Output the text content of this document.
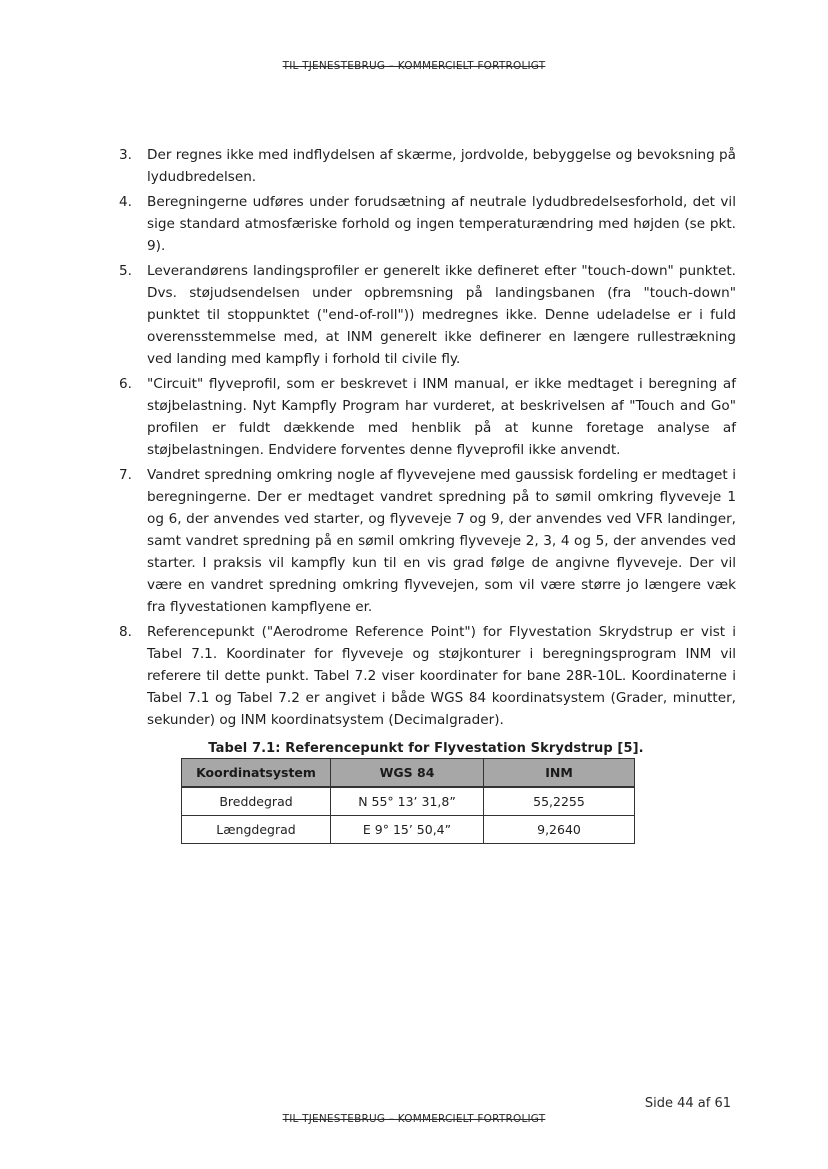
TIL TJENESTEBRUG – KOMMERCIELT FORTROLIGT
3. Der regnes ikke med indflydelsen af skærme, jordvolde, bebyggelse og bevoksning på lydudbredelsen.
4. Beregningerne udføres under forudsætning af neutrale lydudbredelsesforhold, det vil sige standard atmosfæriske forhold og ingen temperaturændring med højden (se pkt. 9).
5. Leverandørens landingsprofiler er generelt ikke defineret efter "touch-down" punktet. Dvs. støjudsendelsen under opbremsning på landingsbanen (fra "touch-down" punktet til stoppunktet ("end-of-roll")) medregnes ikke. Denne udeladelse er i fuld overensstemmelse med, at INM generelt ikke definerer en længere rullestrækning ved landing med kampfly i forhold til civile fly.
6. "Circuit" flyveprofil, som er beskrevet i INM manual, er ikke medtaget i beregning af støjbelastning. Nyt Kampfly Program har vurderet, at beskrivelsen af "Touch and Go" profilen er fuldt dækkende med henblik på at kunne foretage analyse af støjbelastningen. Endvidere forventes denne flyveprofil ikke anvendt.
7. Vandret spredning omkring nogle af flyvevejene med gaussisk fordeling er medtaget i beregningerne. Der er medtaget vandret spredning på to sømil omkring flyveveje 1 og 6, der anvendes ved starter, og flyveveje 7 og 9, der anvendes ved VFR landinger, samt vandret spredning på en sømil omkring flyveveje 2, 3, 4 og 5, der anvendes ved starter. I praksis vil kampfly kun til en vis grad følge de angivne flyveveje. Der vil være en vandret spredning omkring flyvevejen, som vil være større jo længere væk fra flyvestationen kampflyene er.
8. Referencepunkt ("Aerodrome Reference Point") for Flyvestation Skrydstrup er vist i Tabel 7.1. Koordinater for flyveveje og støjkonturer i beregningsprogram INM vil referere til dette punkt. Tabel 7.2 viser koordinater for bane 28R-10L. Koordinaterne i Tabel 7.1 og Tabel 7.2 er angivet i både WGS 84 koordinatsystem (Grader, minutter, sekunder) og INM koordinatsystem (Decimalgrader).
Tabel 7.1: Referencepunkt for Flyvestation Skrydstrup [5].
Koordinatsystem	WGS 84	INM
Breddegrad	N 55° 13’ 31,8”	55,2255
Længdegrad	E 9° 15’ 50,4”	9,2640
Side 44 af 61
TIL TJENESTEBRUG – KOMMERCIELT FORTROLIGT
